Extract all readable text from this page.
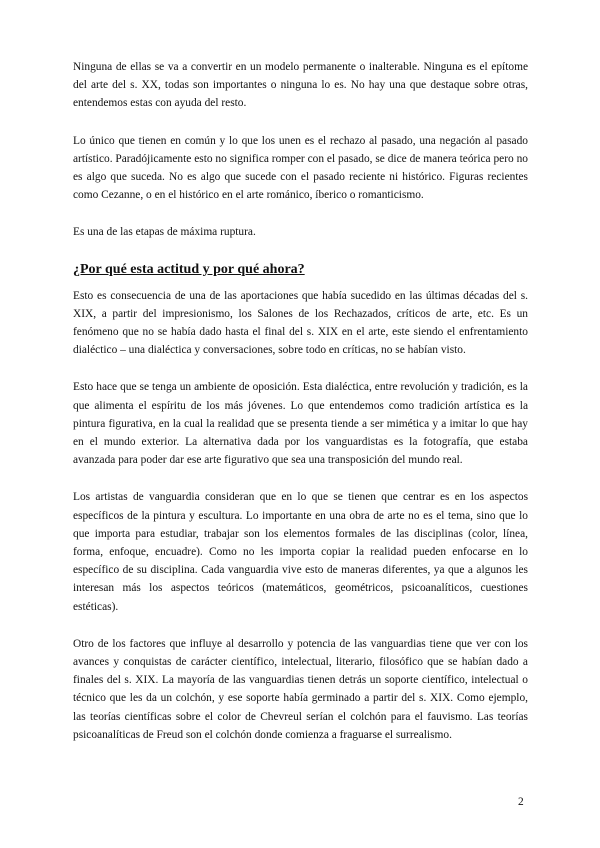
Ninguna de ellas se va a convertir en un modelo permanente o inalterable. Ninguna es el epítome del arte del s. XX, todas son importantes o ninguna lo es. No hay una que destaque sobre otras, entendemos estas con ayuda del resto.

Lo único que tienen en común y lo que los unen es el rechazo al pasado, una negación al pasado artístico. Paradójicamente esto no significa romper con el pasado, se dice de manera teórica pero no es algo que suceda. No es algo que sucede con el pasado reciente ni histórico. Figuras recientes como Cezanne, o en el histórico en el arte románico, íberico o romanticismo.

Es una de las etapas de máxima ruptura.

¿Por qué esta actitud y por qué ahora?

Esto es consecuencia de una de las aportaciones que había sucedido en las últimas décadas del s. XIX, a partir del impresionismo, los Salones de los Rechazados, críticos de arte, etc. Es un fenómeno que no se había dado hasta el final del s. XIX en el arte, este siendo el enfrentamiento dialéctico – una dialéctica y conversaciones, sobre todo en críticas, no se habían visto.

Esto hace que se tenga un ambiente de oposición. Esta dialéctica, entre revolución y tradición, es la que alimenta el espíritu de los más jóvenes. Lo que entendemos como tradición artística es la pintura figurativa, en la cual la realidad que se presenta tiende a ser mimética y a imitar lo que hay en el mundo exterior. La alternativa dada por los vanguardistas es la fotografía, que estaba avanzada para poder dar ese arte figurativo que sea una transposición del mundo real.

Los artistas de vanguardia consideran que en lo que se tienen que centrar es en los aspectos específicos de la pintura y escultura. Lo importante en una obra de arte no es el tema, sino que lo que importa para estudiar, trabajar son los elementos formales de las disciplinas (color, línea, forma, enfoque, encuadre). Como no les importa copiar la realidad pueden enfocarse en lo específico de su disciplina. Cada vanguardia vive esto de maneras diferentes, ya que a algunos les interesan más los aspectos teóricos (matemáticos, geométricos, psicoanalíticos, cuestiones estéticas).

Otro de los factores que influye al desarrollo y potencia de las vanguardias tiene que ver con los avances y conquistas de carácter científico, intelectual, literario, filosófico que se habían dado a finales del s. XIX. La mayoría de las vanguardias tienen detrás un soporte científico, intelectual o técnico que les da un colchón, y ese soporte había germinado a partir del s. XIX. Como ejemplo, las teorías científicas sobre el color de Chevreul serían el colchón para el fauvismo. Las teorías psicoanalíticas de Freud son el colchón donde comienza a fraguarse el surrealismo.

2
